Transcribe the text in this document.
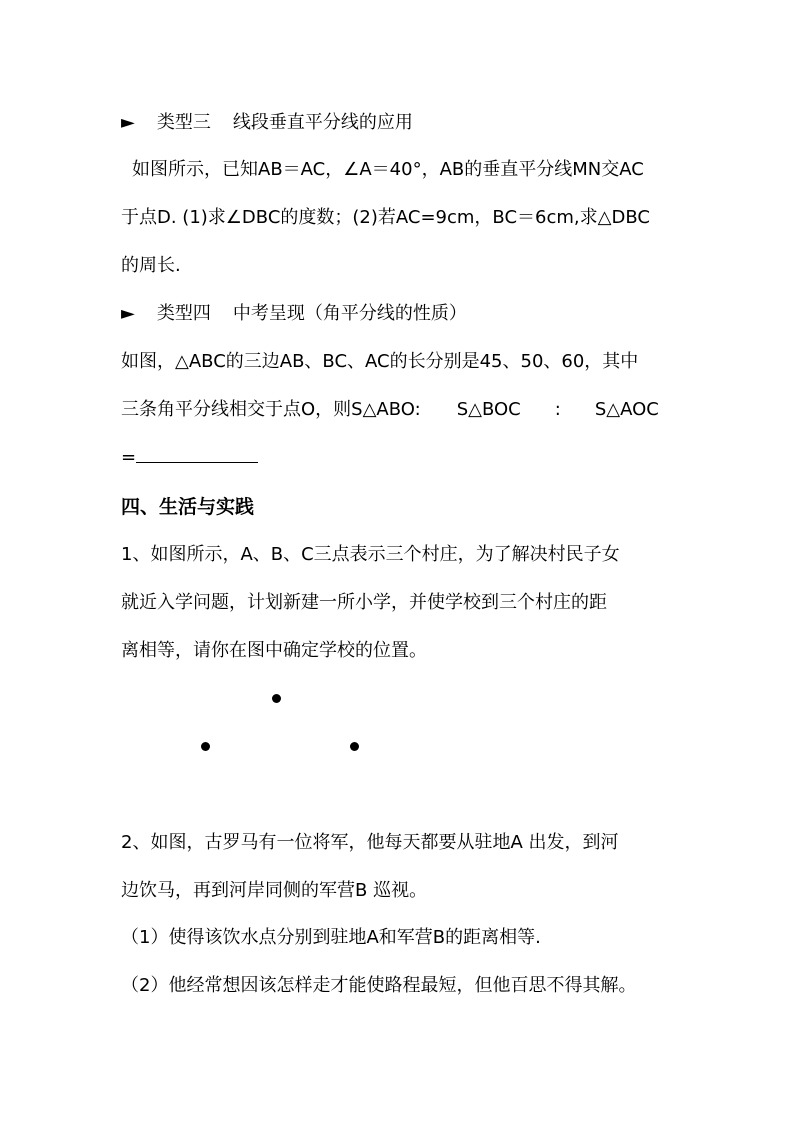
► 类型三 线段垂直平分线的应用
如图所示，已知AB＝AC，∠A＝40°，AB的垂直平分线MN交AC
于点D. (1)求∠DBC的度数；(2)若AC=9cm，BC＝6cm,求△DBC
的周长.
► 类型四 中考呈现（角平分线的性质）
如图，△ABC的三边AB、BC、AC的长分别是45、50、60，其中
三条角平分线相交于点O，则S△ABO: S△BOC : S△AOC
=
四、生活与实践
1、如图所示，A、B、C三点表示三个村庄，为了解决村民子女
就近入学问题，计划新建一所小学，并使学校到三个村庄的距
离相等，请你在图中确定学校的位置。
2、如图，古罗马有一位将军，他每天都要从驻地A 出发，到河
边饮马，再到河岸同侧的军营B 巡视。
（1）使得该饮水点分别到驻地A和军营B的距离相等.
（2）他经常想因该怎样走才能使路程最短，但他百思不得其解。
